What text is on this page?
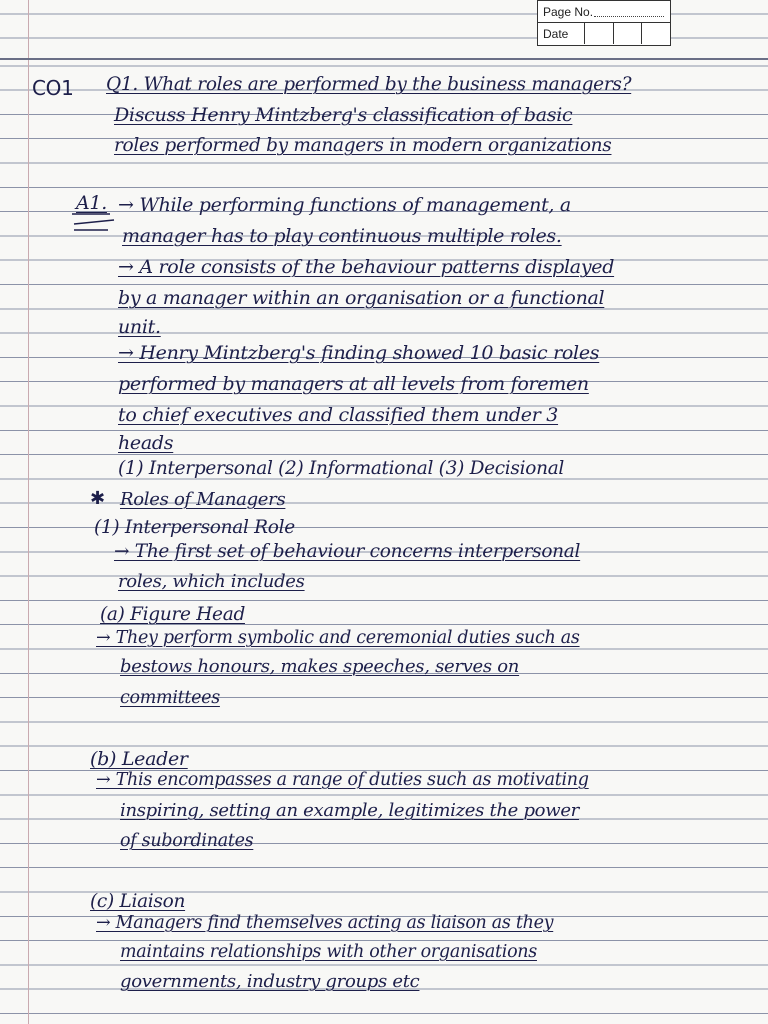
Page No.
Date
CO1 Q1. What roles are performed by the business managers?
Discuss Henry Mintzberg's classification of basic
roles performed by managers in modern organizations
A1. → While performing functions of management, a
manager has to play continuous multiple roles.
→ A role consists of the behaviour patterns displayed
by a manager within an organisation or a functional
unit.
→ Henry Mintzberg's finding showed 10 basic roles
performed by managers at all levels from foremen
to chief executives and classified them under 3
heads
(1) Interpersonal (2) Informational (3) Decisional
✱ Roles of Managers
(1) Interpersonal Role
→ The first set of behaviour concerns interpersonal
roles, which includes
(a) Figure Head
→ They perform symbolic and ceremonial duties such as
bestows honours, makes speeches, serves on
committees
(b) Leader
→ This encompasses a range of duties such as motivating
inspiring, setting an example, legitimizes the power
of subordinates
(c) Liaison
→ Managers find themselves acting as liaison as they
maintains relationships with other organisations
governments, industry groups etc
